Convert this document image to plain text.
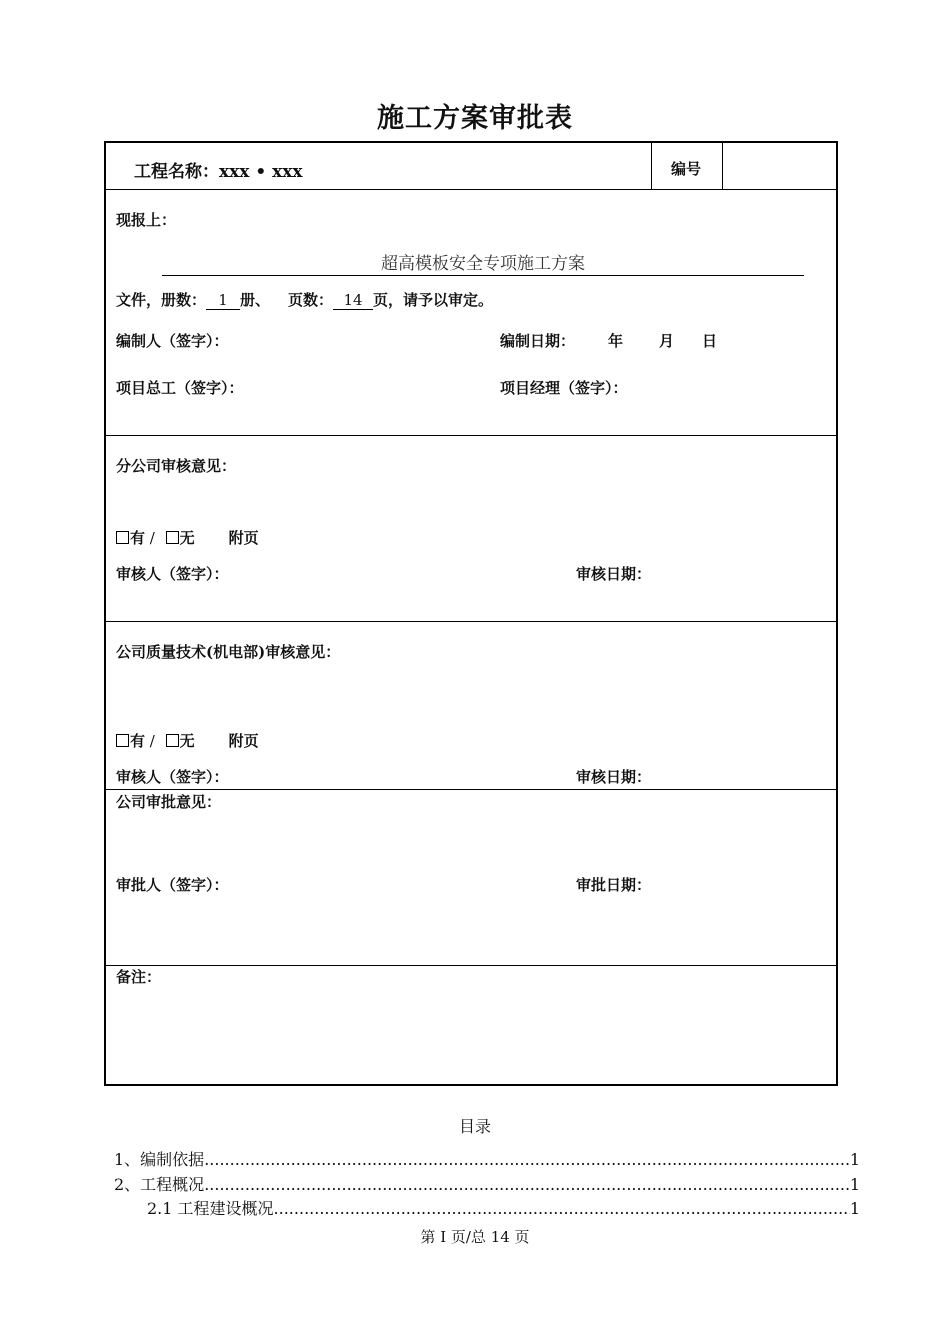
施工方案审批表
工程名称：xxx • xxx	编号
现报上：
超高模板安全专项施工方案
文件，册数： 1 册、 页数： 14 页，请予以审定。
编制人（签字）：	编制日期： 年 月 日
项目总工（签字）：	项目经理（签字）：
分公司审核意见：
有 / 无 附页
审核人（签字）：	审核日期：
公司质量技术(机电部)审核意见：
有 / 无 附页
审核人（签字）：	审核日期：
公司审批意见：
审批人（签字）：	审批日期：
备注：
目录
1、编制依据 .....	1
2、工程概况 .....	1
2.1 工程建设概况 .....	1
第 I 页/总 14 页
